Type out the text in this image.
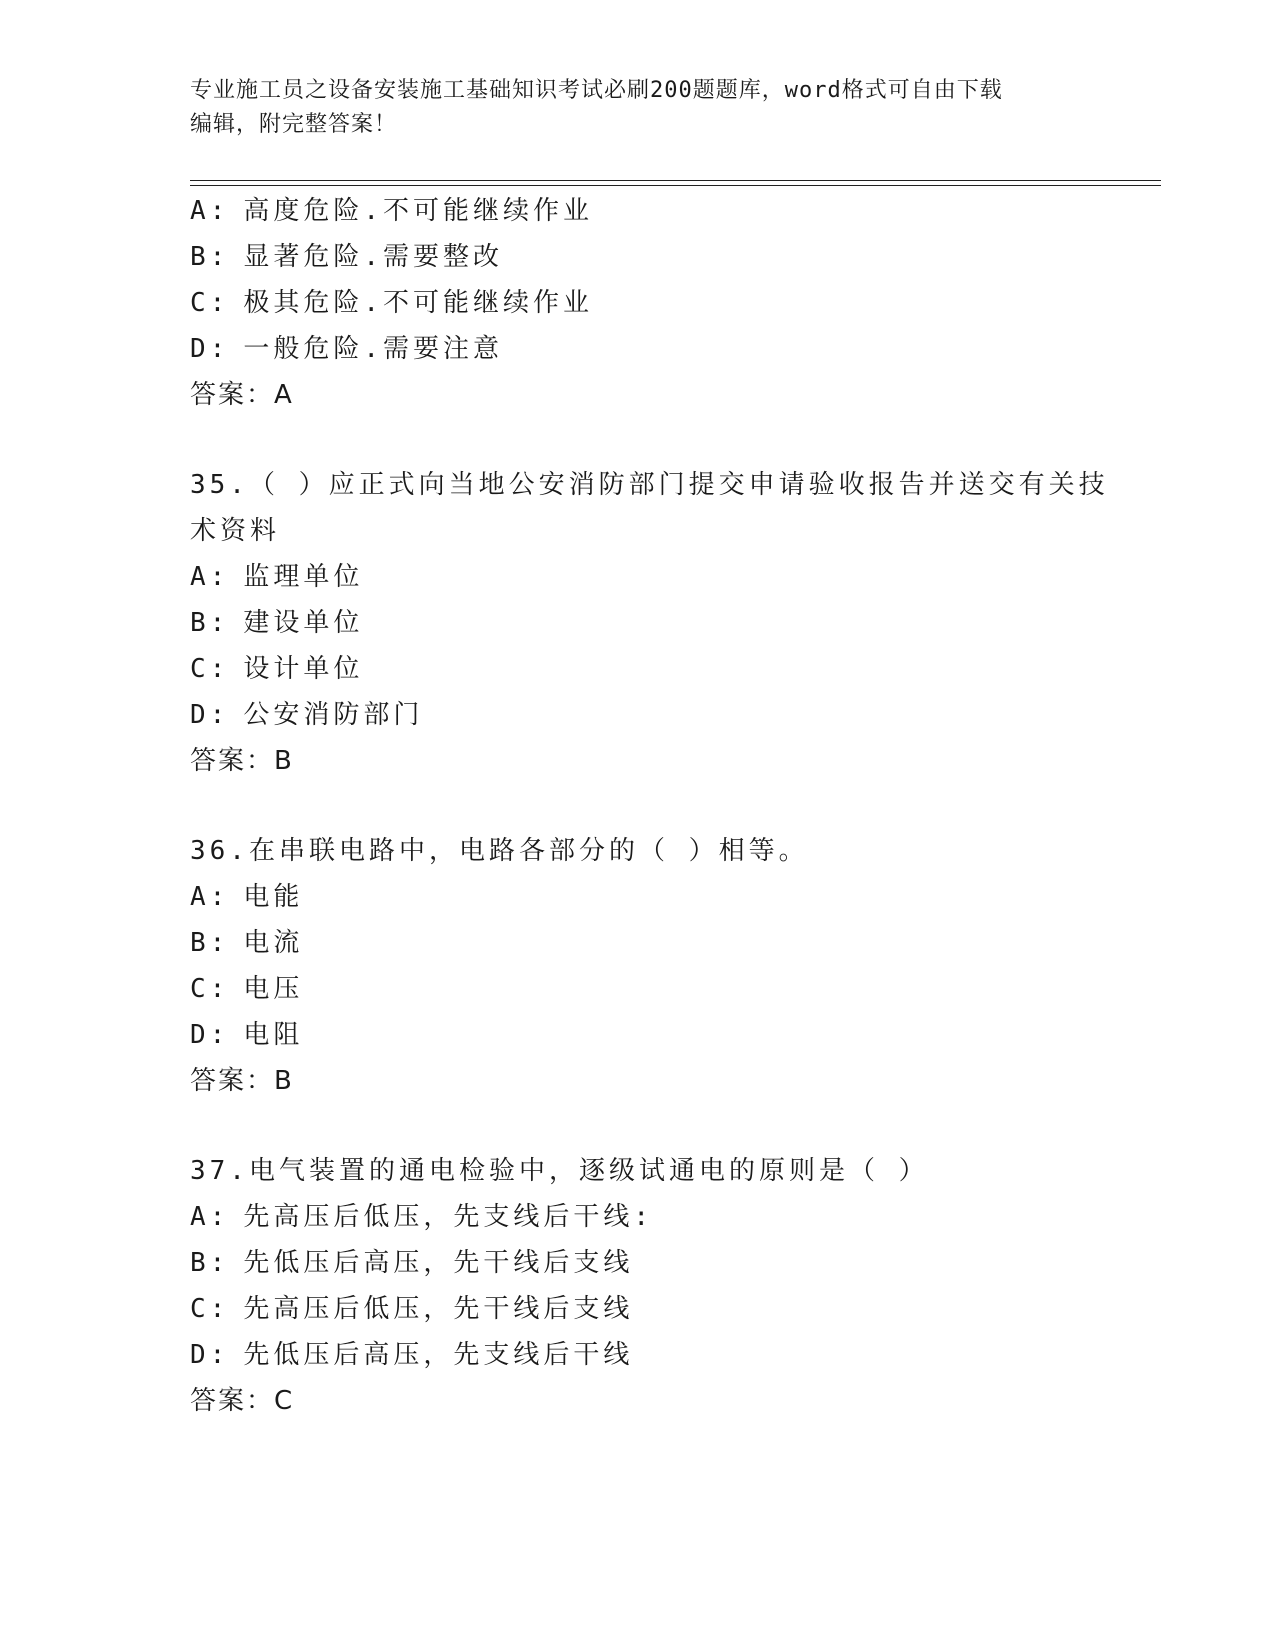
专业施工员之设备安装施工基础知识考试必刷200题题库，word格式可自由下载
编辑，附完整答案！
A: 高度危险.不可能继续作业
B: 显著危险.需要整改
C: 极其危险.不可能继续作业
D: 一般危险.需要注意
答案：A
35.（ ）应正式向当地公安消防部门提交申请验收报告并送交有关技
术资料
A: 监理单位
B: 建设单位
C: 设计单位
D: 公安消防部门
答案：B
36.在串联电路中，电路各部分的（ ）相等。
A: 电能
B: 电流
C: 电压
D: 电阻
答案：B
37.电气装置的通电检验中，逐级试通电的原则是（ ）
A: 先高压后低压，先支线后干线:
B: 先低压后高压，先干线后支线
C: 先高压后低压，先干线后支线
D: 先低压后高压，先支线后干线
答案：C
